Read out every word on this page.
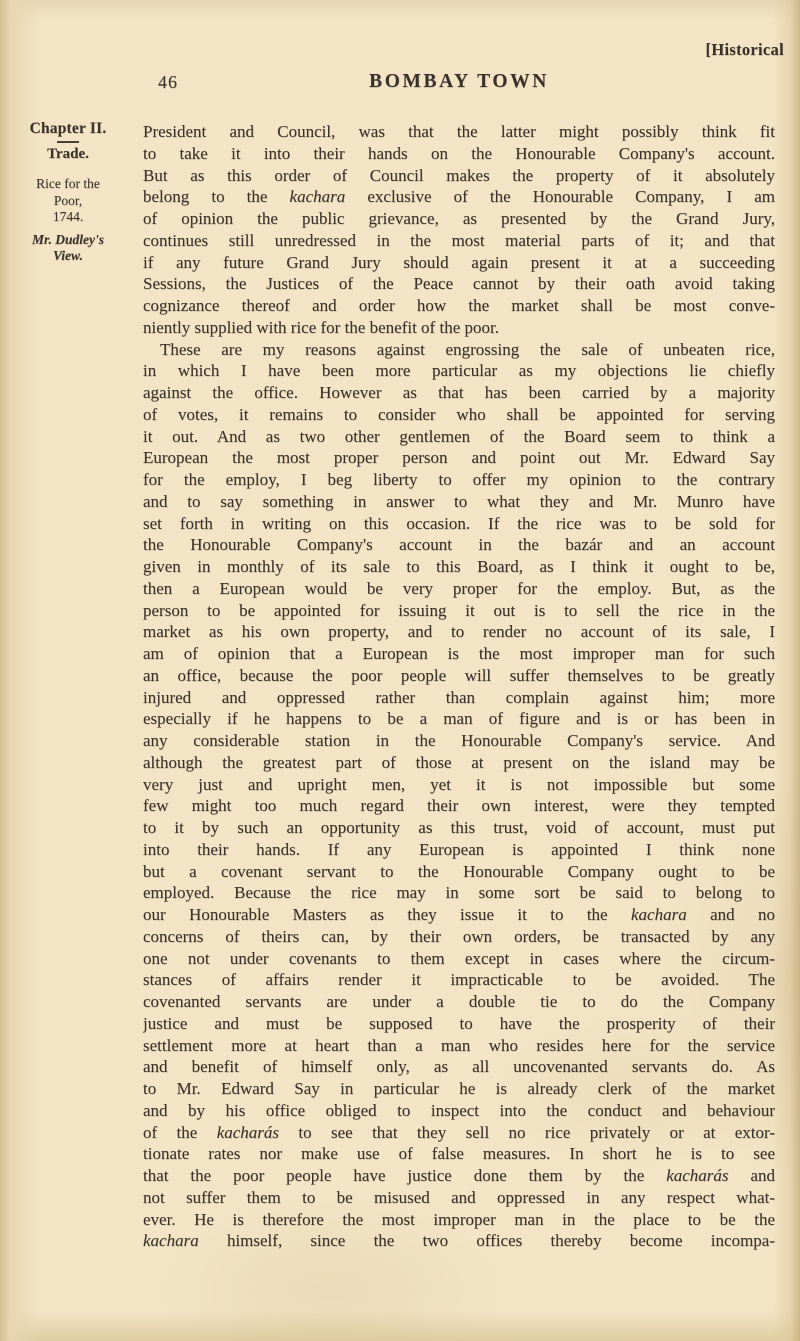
[Historical
46	BOMBAY TOWN
Chapter II.
Trade.
Rice for the
Poor,
1744.
Mr. Dudley's
View.
President and Council, was that the latter might possibly think fit
to take it into their hands on the Honourable Company's account.
But as this order of Council makes the property of it absolutely
belong to the kachara exclusive of the Honourable Company, I am
of opinion the public grievance, as presented by the Grand Jury,
continues still unredressed in the most material parts of it; and that
if any future Grand Jury should again present it at a succeeding
Sessions, the Justices of the Peace cannot by their oath avoid taking
cognizance thereof and order how the market shall be most conve-
niently supplied with rice for the benefit of the poor.
These are my reasons against engrossing the sale of unbeaten rice,
in which I have been more particular as my objections lie chiefly
against the office. However as that has been carried by a majority
of votes, it remains to consider who shall be appointed for serving
it out. And as two other gentlemen of the Board seem to think a
European the most proper person and point out Mr. Edward Say
for the employ, I beg liberty to offer my opinion to the contrary
and to say something in answer to what they and Mr. Munro have
set forth in writing on this occasion. If the rice was to be sold for
the Honourable Company's account in the bazár and an account
given in monthly of its sale to this Board, as I think it ought to be,
then a European would be very proper for the employ. But, as the
person to be appointed for issuing it out is to sell the rice in the
market as his own property, and to render no account of its sale, I
am of opinion that a European is the most improper man for such
an office, because the poor people will suffer themselves to be greatly
injured and oppressed rather than complain against him; more
especially if he happens to be a man of figure and is or has been in
any considerable station in the Honourable Company's service. And
although the greatest part of those at present on the island may be
very just and upright men, yet it is not impossible but some
few might too much regard their own interest, were they tempted
to it by such an opportunity as this trust, void of account, must put
into their hands. If any European is appointed I think none
but a covenant servant to the Honourable Company ought to be
employed. Because the rice may in some sort be said to belong to
our Honourable Masters as they issue it to the kachara and no
concerns of theirs can, by their own orders, be transacted by any
one not under covenants to them except in cases where the circum-
stances of affairs render it impracticable to be avoided. The
covenanted servants are under a double tie to do the Company
justice and must be supposed to have the prosperity of their
settlement more at heart than a man who resides here for the service
and benefit of himself only, as all uncovenanted servants do. As
to Mr. Edward Say in particular he is already clerk of the market
and by his office obliged to inspect into the conduct and behaviour
of the kacharás to see that they sell no rice privately or at extor-
tionate rates nor make use of false measures. In short he is to see
that the poor people have justice done them by the kacharás and
not suffer them to be misused and oppressed in any respect what-
ever. He is therefore the most improper man in the place to be the
kachara himself, since the two offices thereby become incompa-
